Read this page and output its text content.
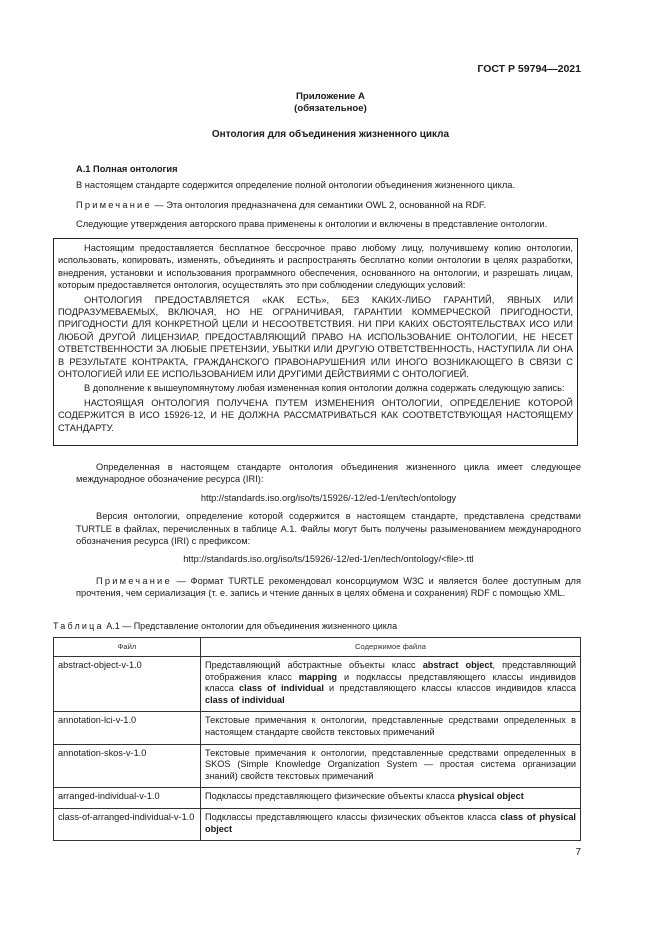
ГОСТ Р 59794—2021
Приложение А
(обязательное)
Онтология для объединения жизненного цикла

А.1 Полная онтология

В настоящем стандарте содержится определение полной онтологии объединения жизненного цикла.

Примечание — Эта онтология предназначена для семантики OWL 2, основанной на RDF.

Следующие утверждения авторского права применены к онтологии и включены в представление онтологии.

Настоящим предоставляется бесплатное бессрочное право любому лицу, получившему копию онтологии, использовать, копировать, изменять, объединять и распространять бесплатно копии онтологии в целях разработки, внедрения, установки и использования программного обеспечения, основанного на онтологии, и разрешать лицам, которым предоставляется онтология, осуществлять это при соблюдении следующих условий:

ОНТОЛОГИЯ ПРЕДОСТАВЛЯЕТСЯ «КАК ЕСТЬ», БЕЗ КАКИХ-ЛИБО ГАРАНТИЙ, ЯВНЫХ ИЛИ ПОДРАЗУМЕВАЕМЫХ, ВКЛЮЧАЯ, НО НЕ ОГРАНИЧИВАЯ, ГАРАНТИИ КОММЕРЧЕСКОЙ ПРИГОДНОСТИ, ПРИГОДНОСТИ ДЛЯ КОНКРЕТНОЙ ЦЕЛИ И НЕСООТВЕТСТВИЯ. НИ ПРИ КАКИХ ОБСТОЯТЕЛЬСТВАХ ИСО ИЛИ ЛЮБОЙ ДРУГОЙ ЛИЦЕНЗИАР, ПРЕДОСТАВЛЯЮЩИЙ ПРАВО НА ИСПОЛЬЗОВАНИЕ ОНТОЛОГИИ, НЕ НЕСЕТ ОТВЕТСТВЕННОСТИ ЗА ЛЮБЫЕ ПРЕТЕНЗИИ, УБЫТКИ ИЛИ ДРУГУЮ ОТВЕТСТВЕННОСТЬ, НАСТУПИЛА ЛИ ОНА В РЕЗУЛЬТАТЕ КОНТРАКТА, ГРАЖДАНСКОГО ПРАВОНАРУШЕНИЯ ИЛИ ИНОГО ВОЗНИКАЮЩЕГО В СВЯЗИ С ОНТОЛОГИЕЙ ИЛИ ЕЕ ИСПОЛЬЗОВАНИЕМ ИЛИ ДРУГИМИ ДЕЙСТВИЯМИ С ОНТОЛОГИЕЙ.

В дополнение к вышеупомянутому любая измененная копия онтологии должна содержать следующую запись:

НАСТОЯЩАЯ ОНТОЛОГИЯ ПОЛУЧЕНА ПУТЕМ ИЗМЕНЕНИЯ ОНТОЛОГИИ, ОПРЕДЕЛЕНИЕ КОТОРОЙ СОДЕРЖИТСЯ В ИСО 15926-12, И НЕ ДОЛЖНА РАССМАТРИВАТЬСЯ КАК СООТВЕТСТВУЮЩАЯ НАСТОЯЩЕМУ СТАНДАРТУ.

Определенная в настоящем стандарте онтология объединения жизненного цикла имеет следующее международное обозначение ресурса (IRI):

http://standards.iso.org/iso/ts/15926/-12/ed-1/en/tech/ontology

Версия онтологии, определение которой содержится в настоящем стандарте, представлена средствами TURTLE в файлах, перечисленных в таблице А.1. Файлы могут быть получены разыменованием международного обозначения ресурса (IRI) с префиксом:

http://standards.iso.org/iso/ts/15926/-12/ed-1/en/tech/ontology/<file>.ttl

Примечание — Формат TURTLE рекомендовал консорциумом W3C и является более доступным для прочтения, чем сериализация (т. е. запись и чтение данных в целях обмена и сохранения) RDF с помощью XML.

Таблица А.1 — Представление онтологии для объединения жизненного цикла
Файл	Содержимое файла
abstract-object-v-1.0	Представляющий абстрактные объекты класс abstract object, представляющий отображения класс mapping и подклассы представляющего классы индивидов класса class of individual и представляющего классы классов индивидов класса class of individual
annotation-lci-v-1.0	Текстовые примечания к онтологии, представленные средствами определенных в настоящем стандарте свойств текстовых примечаний
annotation-skos-v-1.0	Текстовые примечания к онтологии, представленные средствами определенных в SKOS (Simple Knowledge Organization System — простая система организации знаний) свойств текстовых примечаний
arranged-individual-v-1.0	Подклассы представляющего физические объекты класса physical object
class-of-arranged-individual-v-1.0	Подклассы представляющего классы физических объектов класса class of physical object
7
